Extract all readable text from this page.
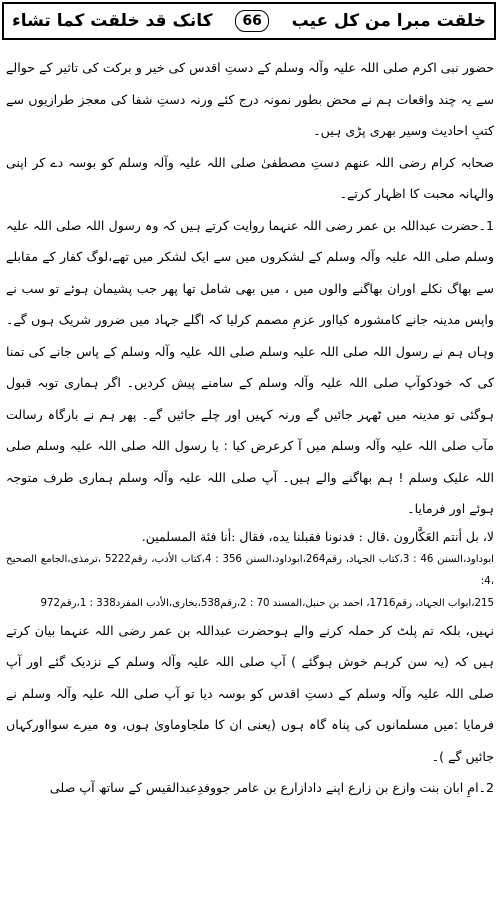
خلقت مبرا من کل عیب
66
کانک قد خلقت کما تشاء

حضور نبی اکرم صلی اللہ علیہ وآلہ وسلم کے دستِ اقدس کی خیر و برکت کی تاثیر کے حوالے سے یہ چند واقعات ہم نے محض بطور نمونہ درج کئے ورنہ دستِ شفا کی معجز طرازیوں سے کتبِ احادیث وسیر بھری پڑی ہیں۔

صحابہ کرام رضی اللہ عنھم دستِ مصطفیٰ صلی اللہ علیہ وآلہ وسلم کو بوسہ دے کر اپنی والہانہ محبت کا اظہار کرتے۔

1۔حضرت عبداللہ بن عمر رضی اللہ عنہما روایت کرتے ہیں کہ وہ رسول اللہ صلی اللہ علیہ وسلم صلی اللہ علیہ وآلہ وسلم کے لشکروں میں سے ایک لشکر میں تھے،لوگ کفار کے مقابلے سے بھاگ نکلے اوران بھاگنے والوں میں ، میں بھی شامل تھا پھر جب پشیمان ہوئے تو سب نے واپس مدینہ جانے کامشورہ کیااور عزمِ مصمم کرلیا کہ اگلے جہاد میں ضرور شریک ہوں گے۔ وہاں ہم نے رسول اللہ صلی اللہ علیہ وسلم صلی اللہ علیہ وآلہ وسلم کے پاس جانے کی تمنا کی کہ خودکوآپ صلی اللہ علیہ وآلہ وسلم کے سامنے پیش کردیں۔ اگر ہماری توبہ قبول ہوگئی تو مدینہ میں ٹھہر جائیں گے ورنہ کہیں اور چلے جائیں گے۔ پھر ہم نے بارگاہ رسالت مآب صلی اللہ علیہ وآلہ وسلم میں آ کرعرض کیا : یا رسول اللہ صلی اللہ علیہ وسلم صلی اللہ علیک وسلم ! ہم بھاگنے والے ہیں۔ آپ صلی اللہ علیہ وآلہ وسلم ہماری طرف متوجہ ہوئے اور فرمایا۔

لا، بل أنتم العَكَّارون .قال : فدنونا فقبلنا يده، فقال :أنا فئة المسلمين.

ابوداود،السنن 46 : 3،کتاب الجہاد، رقم264،ابوداود،السنن 356 : 4،کتاب الأدب، رقم5222 ،ترمذی،الجامع الصحیح ،4:

215،ابواب الجہاد، رقم1716، احمد بن حنبل،المسند 70 : 2،رقم538،بخاری،الأدب المفرد338 : 1،رقم972

نہیں، بلکہ تم پلٹ کر حملہ کرنے والے ہوحضرت عبداللہ بن عمر رضی اللہ عنہما بیان کرتے ہیں کہ (یہ سن کرہم خوش ہوگئے ) آپ صلی اللہ علیہ وآلہ وسلم کے نزدیک گئے اور آپ صلی اللہ علیہ وآلہ وسلم کے دستِ اقدس کو بوسہ دیا تو آپ صلی اللہ علیہ وآلہ وسلم نے فرمایا :میں مسلمانوں کی پناہ گاہ ہوں (یعنی ان کا ملجاوماویٰ ہوں، وہ میرے سوااورکہاں جائیں گے )۔

2۔امِ ابان بنت وازع بن زارع اپنے دادازارع بن عامر جووفدِعبدالقیس کے ساتھ آپ صلی
